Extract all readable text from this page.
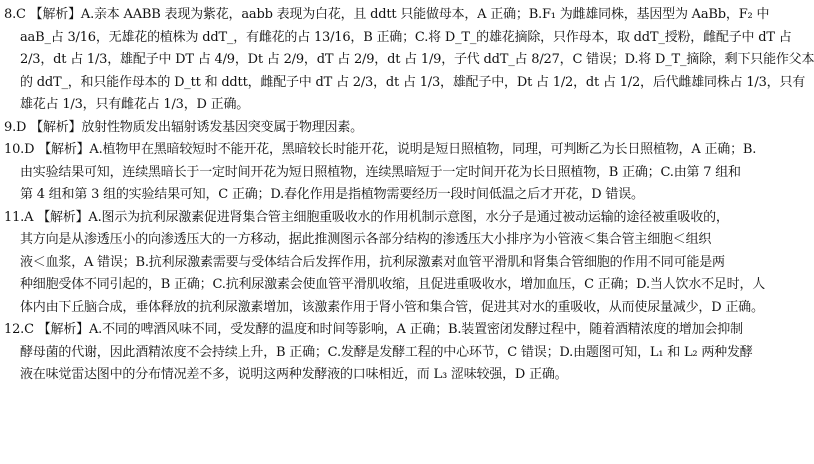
8.C 【解析】A.亲本 AABB 表现为紫花，aabb 表现为白花，且 ddtt 只能做母本，A 正确；B.F₁ 为雌雄同株，基因型为 AaBb，F₂ 中
aaB_占 3/16，无雄花的植株为 ddT_，有雌花的占 13/16，B 正确；C.将 D_T_的雄花摘除，只作母本，取 ddT_授粉，雌配子中 dT 占
2/3，dt 占 1/3，雄配子中 DT 占 4/9，Dt 占 2/9，dT 占 2/9，dt 占 1/9，子代 ddT_占 8/27，C 错误；D.将 D_T_摘除，剩下只能作父本
的 ddT_，和只能作母本的 D_tt 和 ddtt，雌配子中 dT 占 2/3，dt 占 1/3，雄配子中，Dt 占 1/2，dt 占 1/2，后代雌雄同株占 1/3，只有
雄花占 1/3，只有雌花占 1/3，D 正确。
9.D 【解析】放射性物质发出辐射诱发基因突变属于物理因素。
10.D 【解析】A.植物甲在黑暗较短时不能开花，黑暗较长时能开花，说明是短日照植物，同理，可判断乙为长日照植物，A 正确；B.
由实验结果可知，连续黑暗长于一定时间开花为短日照植物，连续黑暗短于一定时间开花为长日照植物，B 正确；C.由第 7 组和
第 4 组和第 3 组的实验结果可知，C 正确；D.春化作用是指植物需要经历一段时间低温之后才开花，D 错误。
11.A 【解析】A.图示为抗利尿激素促进肾集合管主细胞重吸收水的作用机制示意图，水分子是通过被动运输的途径被重吸收的，
其方向是从渗透压小的向渗透压大的一方移动，据此推测图示各部分结构的渗透压大小排序为小管液＜集合管主细胞＜组织
液＜血浆，A 错误；B.抗利尿激素需要与受体结合后发挥作用，抗利尿激素对血管平滑肌和肾集合管细胞的作用不同可能是两
种细胞受体不同引起的，B 正确；C.抗利尿激素会使血管平滑肌收缩，且促进重吸收水，增加血压，C 正确；D.当人饮水不足时，人
体内由下丘脑合成，垂体释放的抗利尿激素增加，该激素作用于肾小管和集合管，促进其对水的重吸收，从而使尿量减少，D 正确。
12.C 【解析】A.不同的啤酒风味不同，受发酵的温度和时间等影响，A 正确；B.装置密闭发酵过程中，随着酒精浓度的增加会抑制
酵母菌的代谢，因此酒精浓度不会持续上升，B 正确；C.发酵是发酵工程的中心环节，C 错误；D.由题图可知，L₁ 和 L₂ 两种发酵
液在味觉雷达图中的分布情况差不多，说明这两种发酵液的口味相近，而 L₃ 涩味较强，D 正确。
